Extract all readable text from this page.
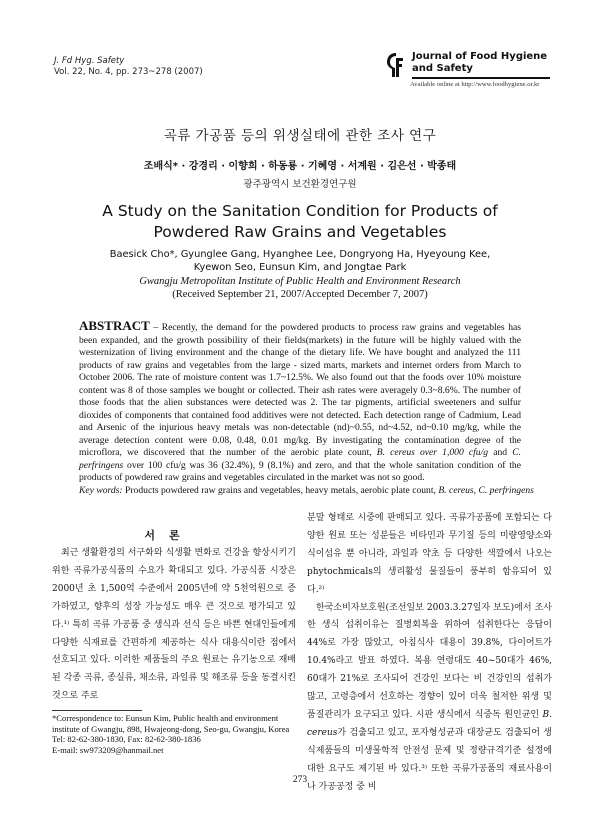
J. Fd Hyg. Safety
Vol. 22, No. 4, pp. 273~278 (2007)
Journal of Food Hygiene
and Safety
Available online at http://www.foodhygiene.or.kr
곡류 가공품 등의 위생실태에 관한 조사 연구
조배식* · 강경리 · 이향희 · 하동룡 · 기혜영 · 서계원 · 김은선 · 박종태
광주광역시 보건환경연구원
A Study on the Sanitation Condition for Products of
Powdered Raw Grains and Vegetables
Baesick Cho*, Gyunglee Gang, Hyanghee Lee, Dongryong Ha, Hyeyoung Kee,
Kyewon Seo, Eunsun Kim, and Jongtae Park
Gwangju Metropolitan Institute of Public Health and Environment Research
(Received September 21, 2007/Accepted December 7, 2007)
ABSTRACT – Recently, the demand for the powdered products to process raw grains and vegetables has been expanded, and the growth possibility of their fields(markets) in the future will be highly valued with the westernization of living environment and the change of the dietary life. We have bought and analyzed the 111 products of raw grains and vegetables from the large - sized marts, markets and internet orders from March to October 2006. The rate of moisture content was 1.7~12.5%. We also found out that the foods over 10% moisture content was 8 of those samples we bought or collected. Their ash rates were averagely 0.3~8.6%. The number of those foods that the alien substances were detected was 2. The tar pigments, artificial sweeteners and sulfur dioxides of components that contained food additives were not detected. Each detection range of Cadmium, Lead and Arsenic of the injurious heavy metals was non-detectable (nd)~0.55, nd~4.52, nd~0.10 mg/kg, while the average detection content were 0.08, 0.48, 0.01 mg/kg. By investigating the contamination degree of the microflora, we discovered that the number of the aerobic plate count, B. cereus over 1,000 cfu/g and C. perfringens over 100 cfu/g was 36 (32.4%), 9 (8.1%) and zero, and that the whole sanitation condition of the products of powdered raw grains and vegetables circulated in the market was not so good.
Key words: Products powdered raw grains and vegetables, heavy metals, aerobic plate count, B. cereus, C. perfringens
서론

최근 생활환경의 서구화와 식생활 변화로 건강을 향상시키기 위한 곡류가공식품의 수요가 확대되고 있다. 가공식품 시장은 2000년 초 1,500억 수준에서 2005년에 약 5천억원으로 증가하였고, 향후의 성장 가능성도 매우 큰 것으로 평가되고 있다.¹⁾ 특히 곡류 가공품 중 생식과 선식 등은 바쁜 현대인들에게 다양한 식재료를 간편하게 제공하는 식사 대용식이란 점에서 선호되고 있다. 이러한 제품들의 주요 원료는 유기농으로 재배된 각종 곡류, 종실류, 채소류, 과일류 및 해조류 등을 동결시킨 것으로 주로

분말 형태로 시중에 판매되고 있다. 곡류가공품에 포함되는 다양한 원료 또는 성분들은 비타민과 무기질 등의 미량영양소와 식이섬유 뿐 아니라, 과일과 약초 등 다양한 색깔에서 나오는 phytochmicals의 생리활성 물질들이 풍부히 함유되어 있다.²⁾

한국소비자보호원(조선일보 2003.3.27일자 보도)에서 조사한 생식 섭취이유는 질병회복을 위하여 섭취한다는 응답이 44%로 가장 많았고, 아침식사 대용이 39.8%, 다이어트가 10.4%라고 발표 하였다. 복용 연령대도 40~50대가 46%, 60대가 21%로 조사되어 건강인 보다는 비 건강인의 섭취가 많고, 고령층에서 선호하는 경향이 있어 더욱 철저한 위생 및 품질관리가 요구되고 있다. 시판 생식에서 식중독 원인균인 B. cereus가 검출되고 있고, 포자형성균과 대장균도 검출되어 생식제품들의 미생물학적 안전성 문제 및 정량규격기준 설정에 대한 요구도 제기된 바 있다.³⁾ 또한 곡류가공품의 재료사용이나 가공공정 중 비

*Correspondence to: Eunsun Kim, Public health and environment institute of Gwangju, 898, Hwajeong-dong, Seo-gu, Gwangju, Korea
Tel: 82-62-380-1830, Fax: 82-62-380-1836
E-mail: sw973209@hanmail.net
273
